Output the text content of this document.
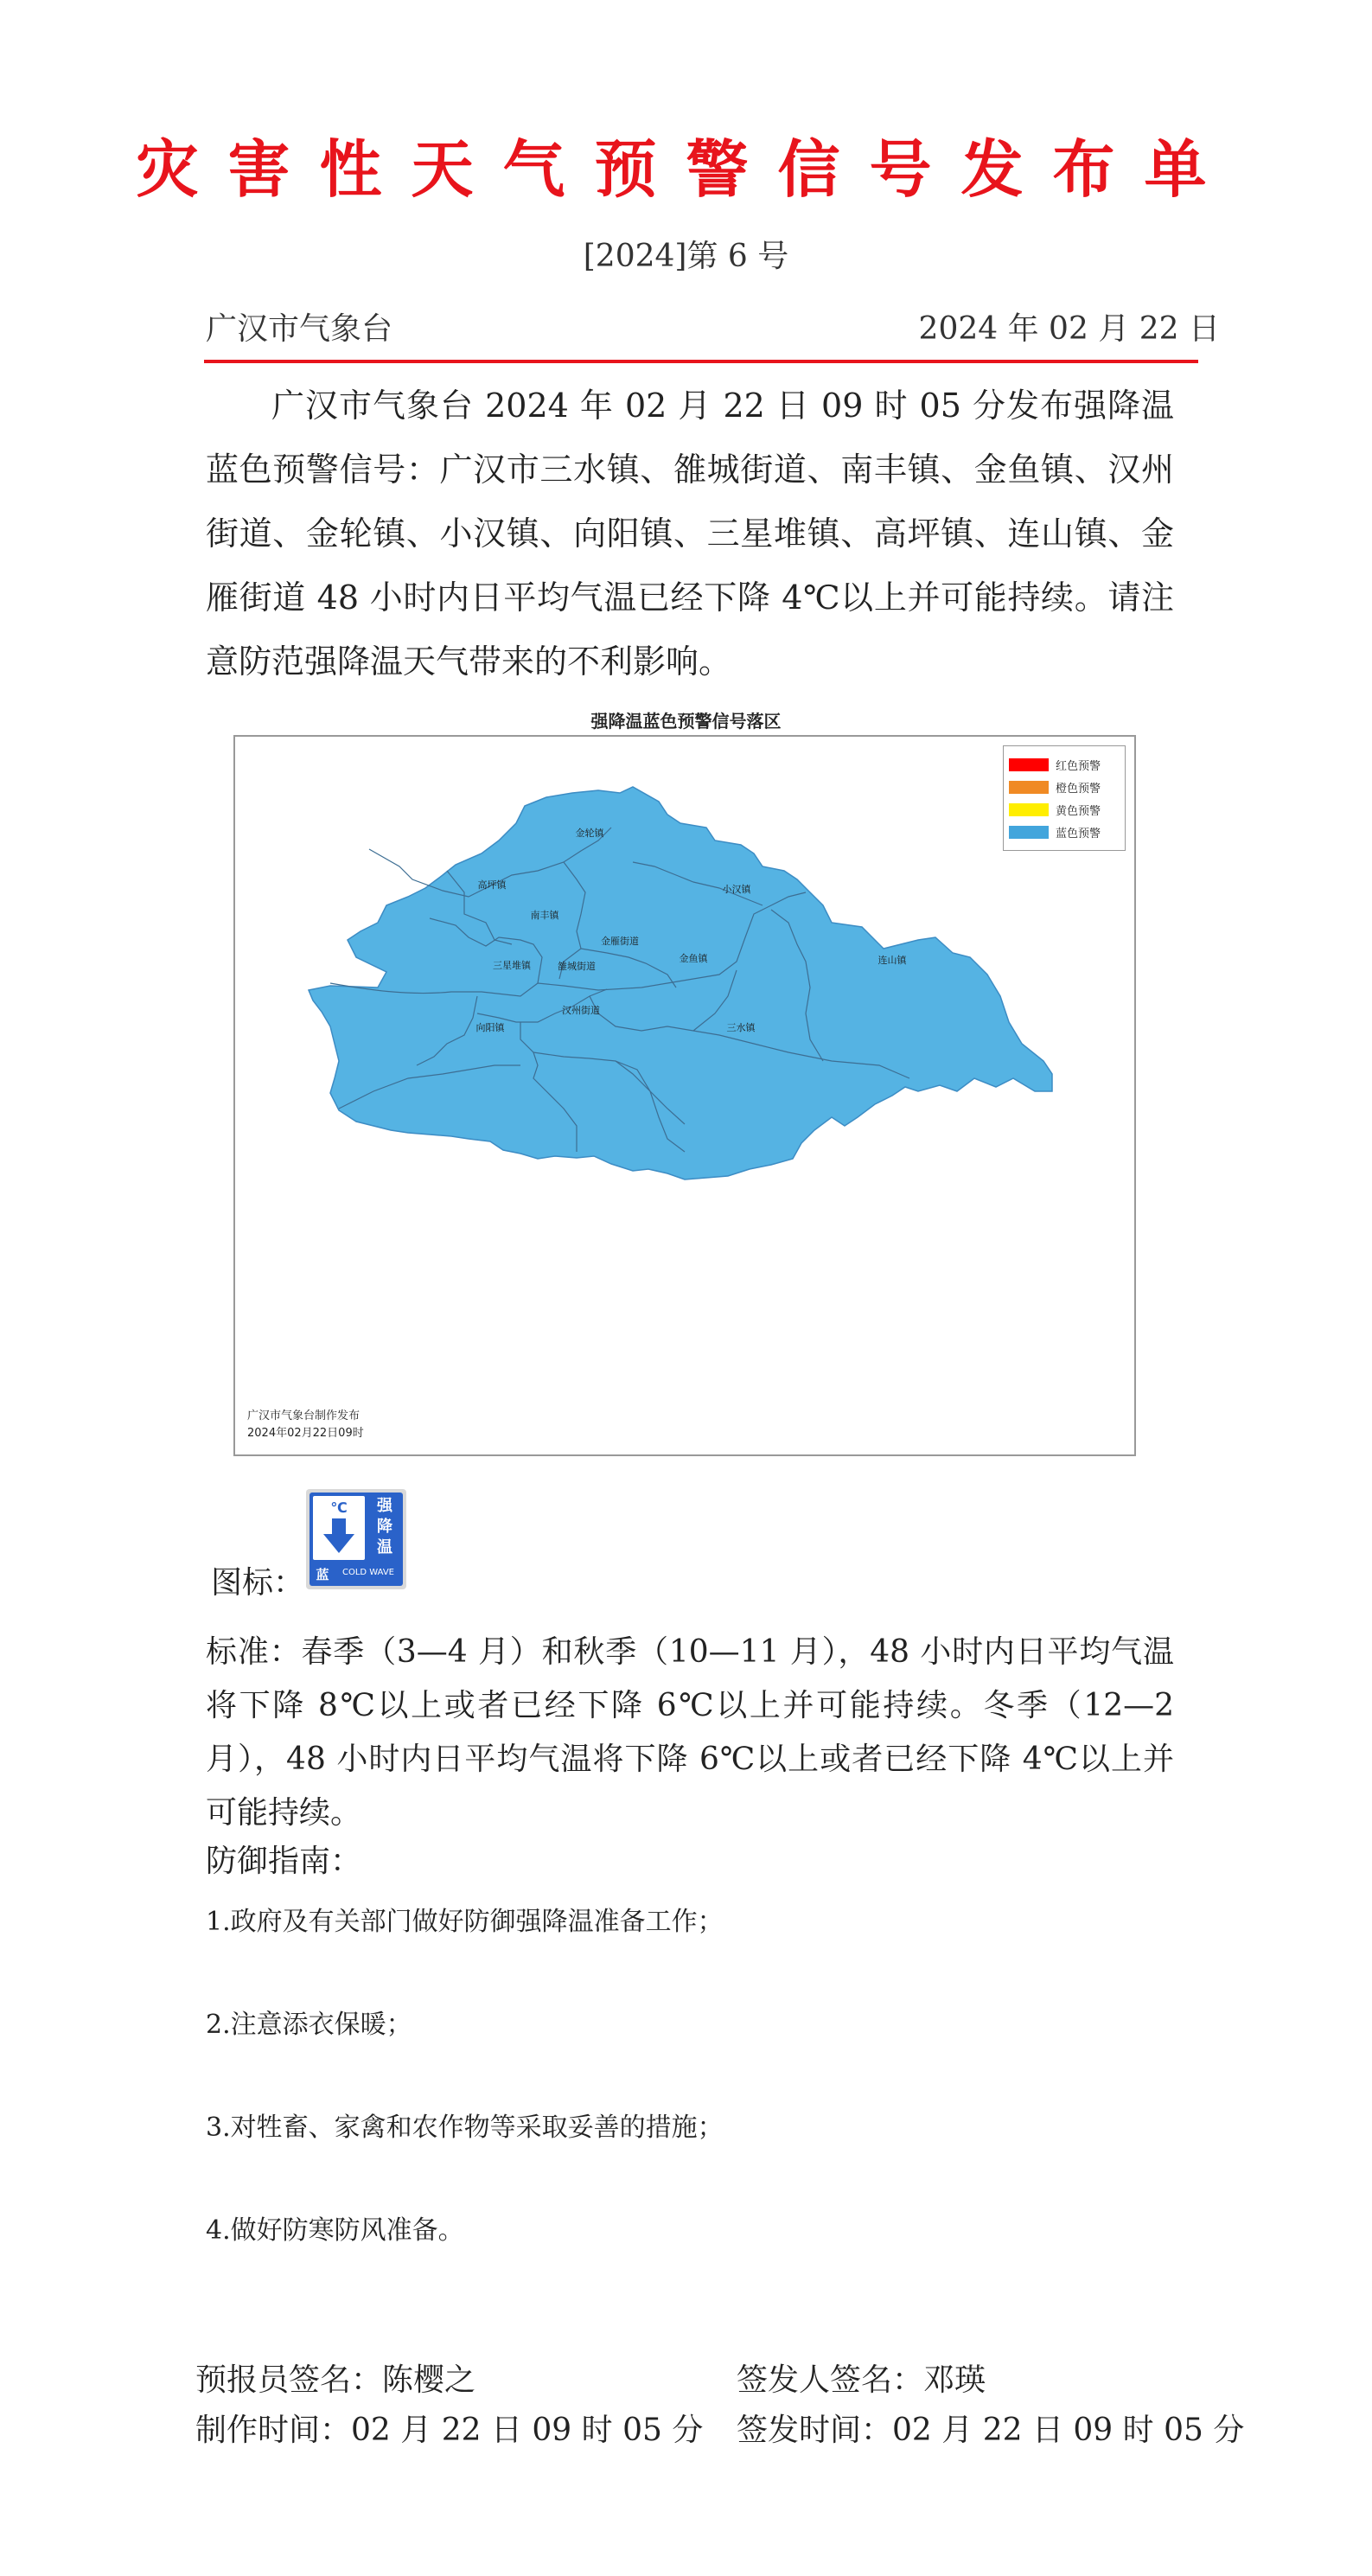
灾害性天气预警信号发布单
[2024]第 6 号
广汉市气象台	2024 年 02 月 22 日
广汉市气象台 2024 年 02 月 22 日 09 时 05 分发布强降温蓝色预警信号：广汉市三水镇、雒城街道、南丰镇、金鱼镇、汉州街道、金轮镇、小汉镇、向阳镇、三星堆镇、高坪镇、连山镇、金雁街道 48 小时内日平均气温已经下降 4℃以上并可能持续。请注意防范强降温天气带来的不利影响。
强降温蓝色预警信号落区
金轮镇
高坪镇	小汉镇
南丰镇
金雁街道
三星堆镇	雒城街道
金鱼镇	连山镇
汉州街道
向阳镇	三水镇
红色预警
橙色预警
黄色预警
蓝色预警
广汉市气象台制作发布
2024年02月22日09时
图标：
℃	强
降
温
蓝	COLD WAVE
标准：春季（3—4 月）和秋季（10—11 月），48 小时内日平均气温将下降 8℃以上或者已经下降 6℃以上并可能持续。冬季（12—2 月），48 小时内日平均气温将下降 6℃以上或者已经下降 4℃以上并可能持续。
防御指南：
1.政府及有关部门做好防御强降温准备工作；
2.注意添衣保暖；
3.对牲畜、家禽和农作物等采取妥善的措施；
4.做好防寒防风准备。
预报员签名：陈樱之	签发人签名：邓瑛
制作时间：02 月 22 日 09 时 05 分 签发时间：02 月 22 日 09 时 05 分
